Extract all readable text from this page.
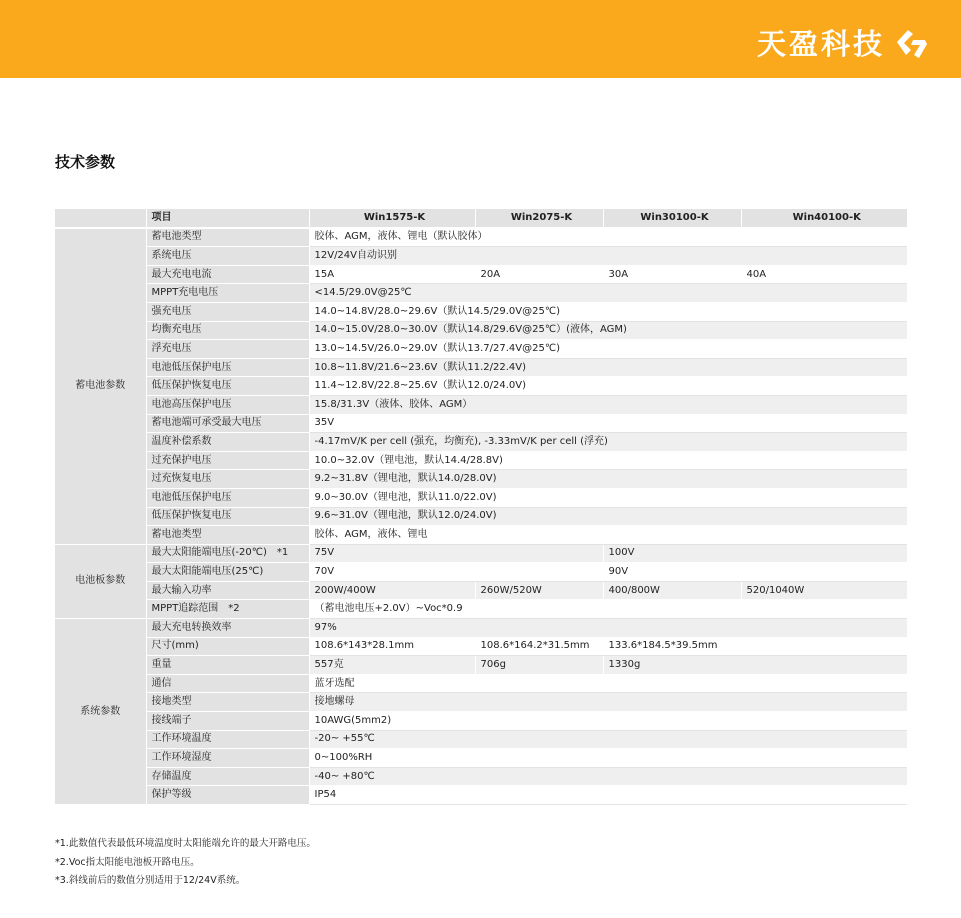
天盈科技
技术参数
	项目	Win1575-K	Win2075-K	Win30100-K	Win40100-K
蓄电池参数	蓄电池类型	胶体、AGM，液体、锂电（默认胶体）			
	系统电压	12V/24V自动识别			
	最大充电电流	15A	20A	30A	40A
	MPPT充电电压	<14.5/29.0V@25℃			
	强充电压	14.0~14.8V/28.0~29.6V（默认14.5/29.0V@25℃)			
	均衡充电压	14.0~15.0V/28.0~30.0V（默认14.8/29.6V@25℃）(液体，AGM)			
	浮充电压	13.0~14.5V/26.0~29.0V（默认13.7/27.4V@25℃)			
	电池低压保护电压	10.8~11.8V/21.6~23.6V（默认11.2/22.4V)			
	低压保护恢复电压	11.4~12.8V/22.8~25.6V（默认12.0/24.0V)			
	电池高压保护电压	15.8/31.3V（液体、胶体、AGM）			
	蓄电池端可承受最大电压	35V			
	温度补偿系数	-4.17mV/K per cell (强充，均衡充), -3.33mV/K per cell (浮充)			
	过充保护电压	10.0~32.0V（锂电池，默认14.4/28.8V)			
	过充恢复电压	9.2~31.8V（锂电池，默认14.0/28.0V)			
	电池低压保护电压	9.0~30.0V（锂电池，默认11.0/22.0V)			
	低压保护恢复电压	9.6~31.0V（锂电池，默认12.0/24.0V)			
	蓄电池类型	胶体、AGM，液体、锂电			
电池板参数	最大太阳能端电压(-20℃)　*1	75V		100V	
	最大太阳能端电压(25℃)	70V		90V	
	最大输入功率	200W/400W	260W/520W	400/800W	520/1040W
	MPPT追踪范围　*2	（蓄电池电压+2.0V）~Voc*0.9			
系统参数	最大充电转换效率	97%			
	尺寸(mm)	108.6*143*28.1mm	108.6*164.2*31.5mm	133.6*184.5*39.5mm	
	重量	557克	706g	1330g	
	通信	蓝牙选配			
	接地类型	接地螺母			
	接线端子	10AWG(5mm2)			
	工作环境温度	-20~ +55℃			
	工作环境湿度	0~100%RH			
	存储温度	-40~ +80℃			
	保护等级	IP54			
*1.此数值代表最低环境温度时太阳能端允许的最大开路电压。
*2.Voc指太阳能电池板开路电压。
*3.斜线前后的数值分别适用于12/24V系统。
